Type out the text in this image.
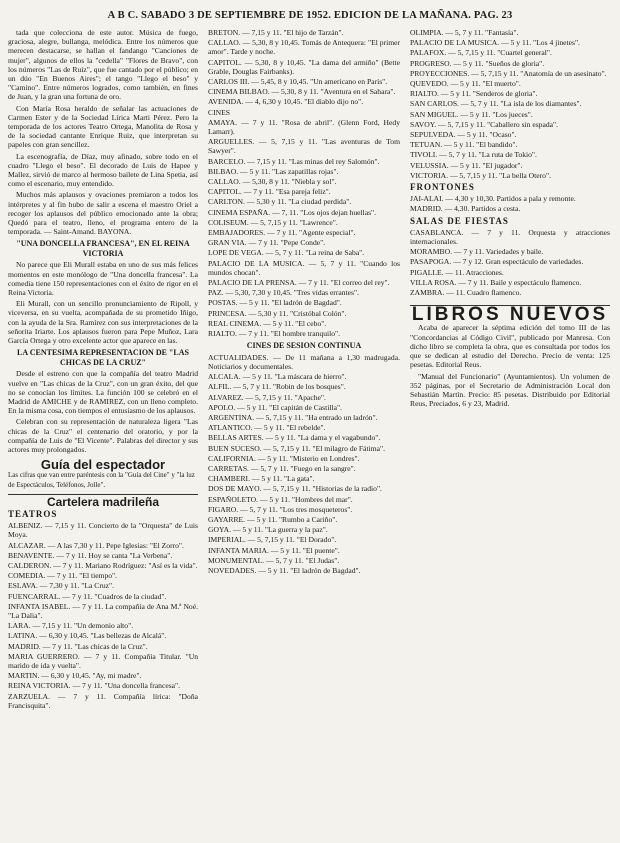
A B C. SABADO 3 DE SEPTIEMBRE DE 1952. EDICION DE LA MAÑANA. PAG. 23

tada que colecciona de este autor. Música de fuego, graciosa, alegre, bullanga, melódica. Entre los números que merecen destacarse, se hallan el fandango "Canciones de mujer", algunos de ellos la "cedella" "Flores de Bravo", con los números "Las de Ruiz", que fue cantado por el público; en un dúo "En Buenos Aires"; el tango "Llego el beso" y "Camino". Entre números logrados, como también, en fines de Juan, y la gran una fortuna de oro.

Con María Rosa heraldo de señalar las actuaciones de Carmen Ester y de la Sociedad Lírica Marti Pérez. Pero la temporada de los actores Teatro Ortega, Manolita de Rosa y de la sociedad cantante Enrique Ruiz, que interpretan su papeles con gran sencillez.

La escenografía, de Díaz, muy afinado, sobre todo en el cuadro "Llego el beso". El decorado de Luis de Hapee y Mallez, sirvió de marco al hermoso bailete de Lina Spetia, así como el escenario, muy entendido.

Muchos más aplausos y ovaciones premiaron a todos los intérpretes y al fin hubo de salir a escena el maestro Oriel a recoger los aplausos del público emocionado ante la obra; Quedó para el teatro, lleno, el programa entero de la temporada. — Saint-Amand. BAYONA.

"UNA DONCELLA FRANCESA", EN EL REINA VICTORIA

No parece que Eli Murall estaba en uno de sus más felices momentos en este monólogo de "Una doncella francesa". La comedia tiene 150 representaciones con el éxito de rigor en el Reina Victoria.

Eli Murall, con un sencillo pronunciamiento de Ripoll, y viceversa, en su vuelta, acompañada de su prometido Iñigo, con la ayuda de la Sra. Ramírez con sus interpretaciones de la señorita Iriarte. Los aplausos fueron para Pepe Muñoz, Lara García Ortega y otro excelente actor que aparece en las.

LA CENTESIMA REPRESENTACION DE "LAS CHICAS DE LA CRUZ"

Desde el estreno con que la compañía del teatro Madrid vuelve en "Las chicas de la Cruz", con un gran éxito, del que no se conocían los límites. La función 100 se celebró en el Madrid de AMICHE y de RAMIREZ, con un lleno completo. En la misma cosa, con tiempos el entusiasmo de los aplausos.

Celebran con su representación de naturaleza ligera "Las chicas de la Cruz" el centenario del oratorio, y por la compañía de Luis de "El Vicente". Palabras del director y sus actores muy prolongados.

Guía del espectador
Las cifras que van entre paréntesis con la "Guía del Cine" y "la luz de Espectáculos, Teléfonos, Jolle".
Cartelera madrileña
TEATROS
ALBENIZ. — 7,15 y 11. Concierto de la "Orquesta" de Luis Moya.
ALCAZAR. — A las 7,30 y 11. Pepe Iglesias: "El Zorro".
BENAVENTE. — 7 y 11. Hoy se canta "La Verbena".
CALDERON. — 7 y 11. Mariano Rodríguez: "Así es la vida".
COMEDIA. — 7 y 11. "El tiempo".
ESLAVA. — 7,30 y 11. "La Cruz".
FUENCARRAL. — 7 y 11. "Cuadros de la ciudad".
INFANTA ISABEL. — 7 y 11. La compañía de Ana M.ª Noé. "La Dalia".
LARA. — 7,15 y 11. "Un demonio alto".
LATINA. — 6,30 y 10,45. "Las bellezas de Alcalá".
MADRID. — 7 y 11. "Las chicas de la Cruz".
MARIA GUERRERO. — 7 y 11. Compañía Titular. "Un marido de ida y vuelta".
MARTIN. — 6,30 y 10,45. "Ay, mi madre".
REINA VICTORIA. — 7 y 11. "Una doncella francesa".
ZARZUELA. — 7 y 11. Compañía lírica: "Doña Francisquita".
BRETON. — 7,15 y 11. "El hijo de Tarzán".
CALLAO. — 5,30, 8 y 10,45. Tomás de Antequera: "El primer amor". Tarde y noche.
CAPITOL. — 5,30, 8 y 10,45. "La dama del armiño" (Bette Grable, Douglas Fairbanks).
CARLOS III. — 5,45, 8 y 10,45. "Un americano en París".
CINEMA BILBAO. — 5,30, 8 y 11. "Aventura en el Sahara".
AVENIDA. — 4, 6,30 y 10,45. "El diablo dijo no".
CINES
AMAYA. — 7 y 11. "Rosa de abril". (Glenn Ford, Hedy Lamarr).
ARGUELLES. — 5, 7,15 y 11. "Las aventuras de Tom Sawyer".
BARCELO. — 7,15 y 11. "Las minas del rey Salomón".
BILBAO. — 5 y 11. "Las zapatillas rojas".
CALLAO. — 5,30, 8 y 11. "Niebla y sol".
CAPITOL. — 7 y 11. "Esa pareja feliz".
CARLTON. — 5,30 y 11. "La ciudad perdida".
CINEMA ESPAÑA. — 7, 11. "Los ojos dejan huellas".
COLISEUM. — 5, 7,15 y 11. "Lawrence".
EMBAJADORES. — 7 y 11. "Agente especial".
GRAN VIA. — 7 y 11. "Pepe Conde".
LOPE DE VEGA. — 5, 7 y 11. "La reina de Saba".
PALACIO DE LA MUSICA. — 5, 7 y 11. "Cuando los mundos chocan".
PALACIO DE LA PRENSA. — 7 y 11. "El correo del rey".
PAZ. — 5,30, 7,30 y 10,45. "Tres vidas errantes".
POSTAS. — 5 y 11. "El ladrón de Bagdad".
PRINCESA. — 5,30 y 11. "Cristóbal Colón".
REAL CINEMA. — 5 y 11. "El cebo".
RIALTO. — 7 y 11. "El hombre tranquilo".
CINES DE SESION CONTINUA
ACTUALIDADES. — De 11 mañana a 1,30 madrugada. Noticiarios y documentales.
ALCALA. — 5 y 11. "La máscara de hierro".
ALFIL. — 5, 7 y 11. "Robin de los bosques".
ALVAREZ. — 5, 7,15 y 11. "Apache".
APOLO. — 5 y 11. "El capitán de Castilla".
ARGENTINA. — 5, 7,15 y 11. "Ha entrado un ladrón".
ATLANTICO. — 5 y 11. "El rebelde".
BELLAS ARTES. — 5 y 11. "La dama y el vagabundo".
BUEN SUCESO. — 5, 7,15 y 11. "El milagro de Fátima".
CALIFORNIA. — 5 y 11. "Misterio en Londres".
CARRETAS. — 5, 7 y 11. "Fuego en la sangre".
CHAMBERI. — 5 y 11. "La gata".
DOS DE MAYO. — 5, 7,15 y 11. "Historias de la radio".
ESPAÑOLETO. — 5 y 11. "Hombres del mar".
FIGARO. — 5, 7 y 11. "Los tres mosqueteros".
GAYARRE. — 5 y 11. "Rumbo a Cariño".
GOYA. — 5 y 11. "La guerra y la paz".
IMPERIAL. — 5, 7,15 y 11. "El Dorado".
INFANTA MARIA. — 5 y 11. "El puente".
MONUMENTAL. — 5, 7 y 11. "El Judas".
NOVEDADES. — 5 y 11. "El ladrón de Bagdad".
OLIMPIA. — 5, 7 y 11. "Fantasía".
PALACIO DE LA MUSICA. — 5 y 11. "Los 4 jinetes".
PALAFOX. — 5, 7,15 y 11. "Cuartel general".
PROGRESO. — 5 y 11. "Sueños de gloria".
PROYECCIONES. — 5, 7,15 y 11. "Anatomía de un asesinato".
QUEVEDO. — 5 y 11. "El muerto".
RIALTO. — 5 y 11. "Senderos de gloria".
SAN CARLOS. — 5, 7 y 11. "La isla de los diamantes".
SAN MIGUEL. — 5 y 11. "Los jueces".
SAVOY. — 5, 7,15 y 11. "Caballero sin espada".
SEPULVEDA. — 5 y 11. "Ocaso".
TETUAN. — 5 y 11. "El bandido".
TIVOLI. — 5, 7 y 11. "La ruta de Tokio".
VELUSSIA. — 5 y 11. "El jugador".
VICTORIA. — 5, 7,15 y 11. "La bella Otero".
FRONTONES
JAI-ALAI. — 4,30 y 10,30. Partidos a pala y remonte.
MADRID. — 4,30. Partidos a cesta.
SALAS DE FIESTAS
CASABLANCA. — 7 y 11. Orquesta y atracciones internacionales.
MORAMBO. — 7 y 11. Variedades y baile.
PASAPOGA. — 7 y 12. Gran espectáculo de variedades.
PIGALLE. — 11. Atracciones.
VILLA ROSA. — 7 y 11. Baile y espectáculo flamenco.
ZAMBRA. — 11. Cuadro flamenco.
LIBROS NUEVOS

Acaba de aparecer la séptima edición del tomo III de las "Concordancias al Código Civil", publicado por Manresa. Con dicho libro se completa la obra, que es consultada por todos los que se dedican al estudio del Derecho. Precio de venta: 125 pesetas. Editorial Reus.

"Manual del Funcionario" (Ayuntamientos). Un volumen de 352 páginas, por el Secretario de Administración Local don Sebastián Martín. Precio: 85 pesetas. Distribuido por Editorial Reus, Preciados, 6 y 23, Madrid.
